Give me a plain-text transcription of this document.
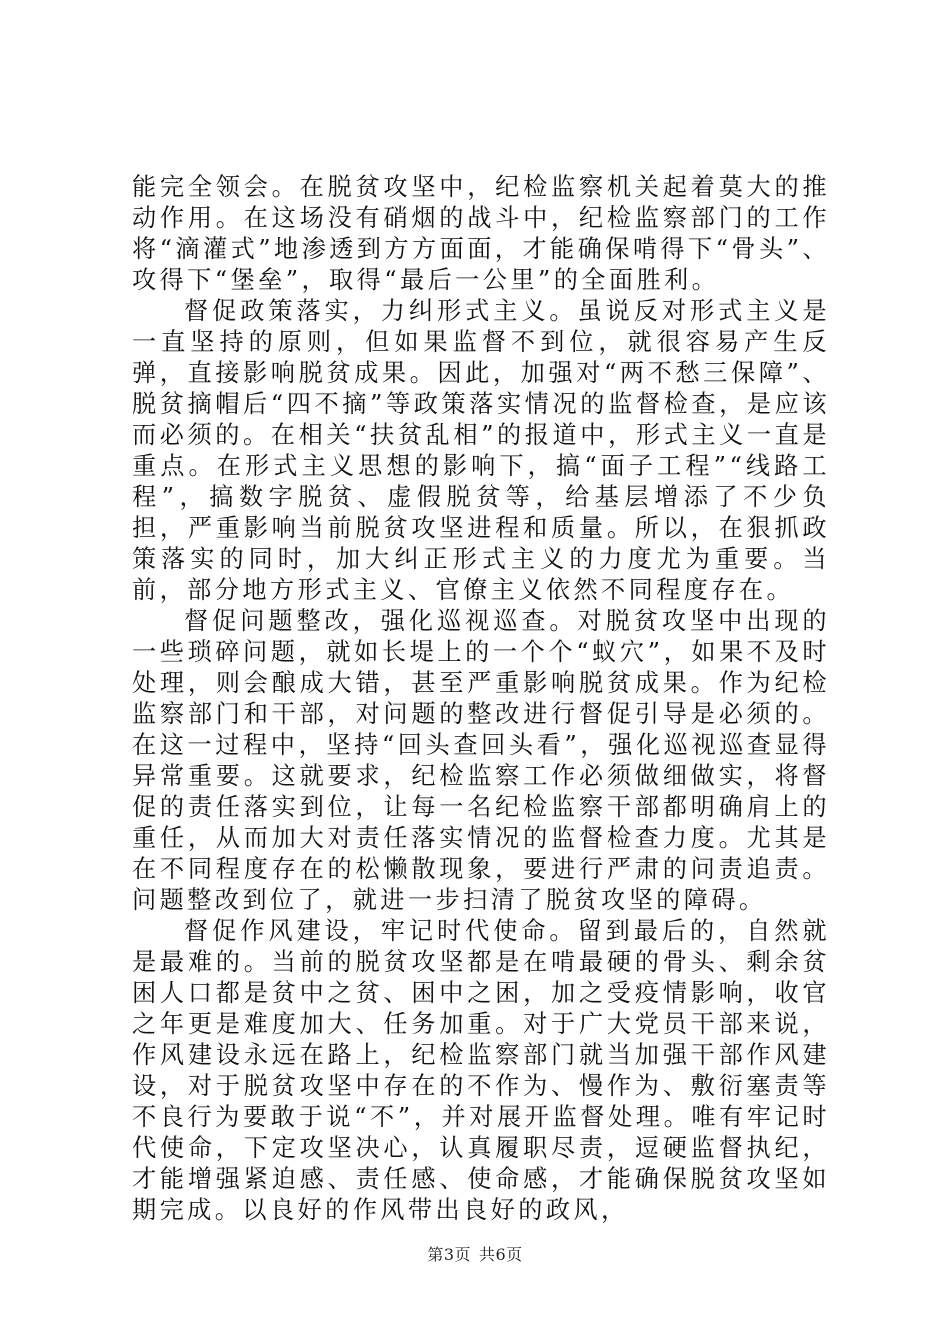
能完全领会。在脱贫攻坚中，纪检监察机关起着莫大的推动作用。在这场没有硝烟的战斗中，纪检监察部门的工作将“滴灌式”地渗透到方方面面，才能确保啃得下“骨头”、攻得下“堡垒”，取得“最后一公里”的全面胜利。

督促政策落实，力纠形式主义。虽说反对形式主义是一直坚持的原则，但如果监督不到位，就很容易产生反弹，直接影响脱贫成果。因此，加强对“两不愁三保障”、脱贫摘帽后“四不摘”等政策落实情况的监督检查，是应该而必须的。在相关“扶贫乱相”的报道中，形式主义一直是重点。在形式主义思想的影响下，搞“面子工程”“线路工程”，搞数字脱贫、虚假脱贫等，给基层增添了不少负担，严重影响当前脱贫攻坚进程和质量。所以，在狠抓政策落实的同时，加大纠正形式主义的力度尤为重要。当前，部分地方形式主义、官僚主义依然不同程度存在。

督促问题整改，强化巡视巡查。对脱贫攻坚中出现的一些琐碎问题，就如长堤上的一个个“蚁穴”，如果不及时处理，则会酿成大错，甚至严重影响脱贫成果。作为纪检监察部门和干部，对问题的整改进行督促引导是必须的。在这一过程中，坚持“回头查回头看”，强化巡视巡查显得异常重要。这就要求，纪检监察工作必须做细做实，将督促的责任落实到位，让每一名纪检监察干部都明确肩上的重任，从而加大对责任落实情况的监督检查力度。尤其是在不同程度存在的松懒散现象，要进行严肃的问责追责。问题整改到位了，就进一步扫清了脱贫攻坚的障碍。

督促作风建设，牢记时代使命。留到最后的，自然就是最难的。当前的脱贫攻坚都是在啃最硬的骨头、剩余贫困人口都是贫中之贫、困中之困，加之受疫情影响，收官之年更是难度加大、任务加重。对于广大党员干部来说，作风建设永远在路上，纪检监察部门就当加强干部作风建设，对于脱贫攻坚中存在的不作为、慢作为、敷衍塞责等不良行为要敢于说“不”，并对展开监督处理。唯有牢记时代使命，下定攻坚决心，认真履职尽责，逗硬监督执纪，才能增强紧迫感、责任感、使命感，才能确保脱贫攻坚如期完成。以良好的作风带出良好的政风，

第3页 共6页
